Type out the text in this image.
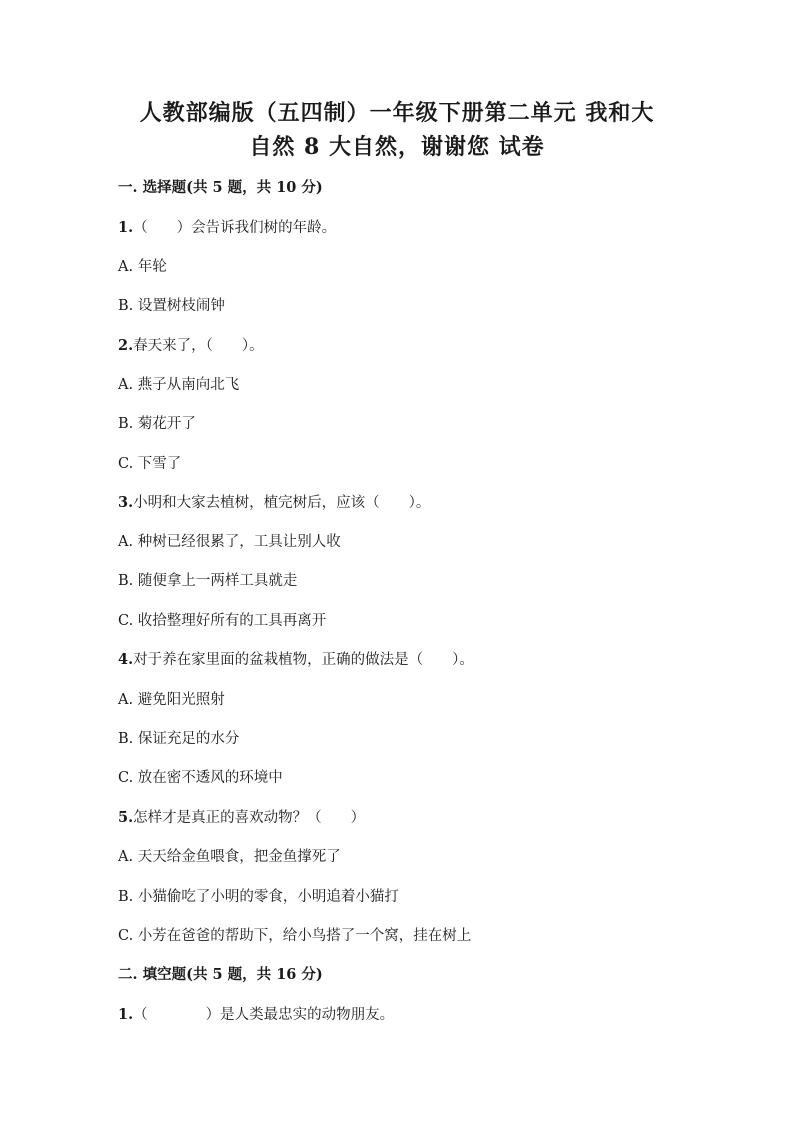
人教部编版（五四制）一年级下册第二单元 我和大
自然 8 大自然，谢谢您 试卷

一. 选择题(共 5 题，共 10 分)

1.（　　）会告诉我们树的年龄。

A. 年轮

B. 设置树枝闹钟

2.春天来了，（　　）。

A. 燕子从南向北飞

B. 菊花开了

C. 下雪了

3.小明和大家去植树，植完树后，应该（　　）。

A. 种树已经很累了，工具让别人收

B. 随便拿上一两样工具就走

C. 收拾整理好所有的工具再离开

4.对于养在家里面的盆栽植物，正确的做法是（　　）。

A. 避免阳光照射

B. 保证充足的水分

C. 放在密不透风的环境中

5.怎样才是真正的喜欢动物？（　　）

A. 天天给金鱼喂食，把金鱼撑死了

B. 小猫偷吃了小明的零食，小明追着小猫打

C. 小芳在爸爸的帮助下，给小鸟搭了一个窝，挂在树上

二. 填空题(共 5 题，共 16 分)

1.（　　　　）是人类最忠实的动物朋友。
